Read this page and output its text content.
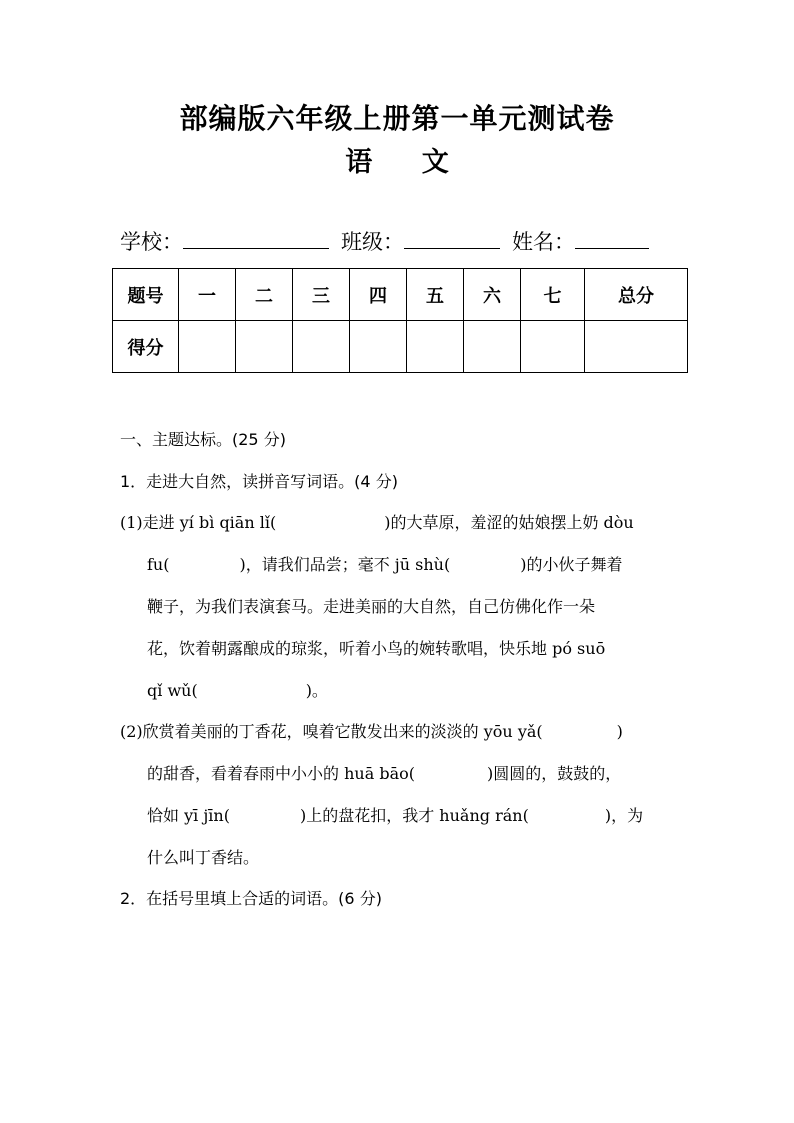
部编版六年级上册第一单元测试卷
语 文
学校：	班级：	姓名：
题号	一	二	三	四	五	六	七	总分
得分								
一、主题达标。(25 分)
1．走进大自然，读拼音写词语。(4 分)
(1)走进 yí bì qiān lǐ(	)的大草原，羞涩的姑娘摆上奶 dòu
fu(	)，请我们品尝；毫不 jū shù(	)的小伙子舞着
鞭子，为我们表演套马。走进美丽的大自然，自己仿佛化作一朵
花，饮着朝露酿成的琼浆，听着小鸟的婉转歌唱，快乐地 pó suō
qǐ wǔ(	)。
(2)欣赏着美丽的丁香花，嗅着它散发出来的淡淡的 yōu yǎ(	)
的甜香，看着春雨中小小的 huā bāo(	)圆圆的，鼓鼓的，
恰如 yī jīn(	)上的盘花扣，我才 huǎng rán(	)，为
什么叫丁香结。
2．在括号里填上合适的词语。(6 分)
